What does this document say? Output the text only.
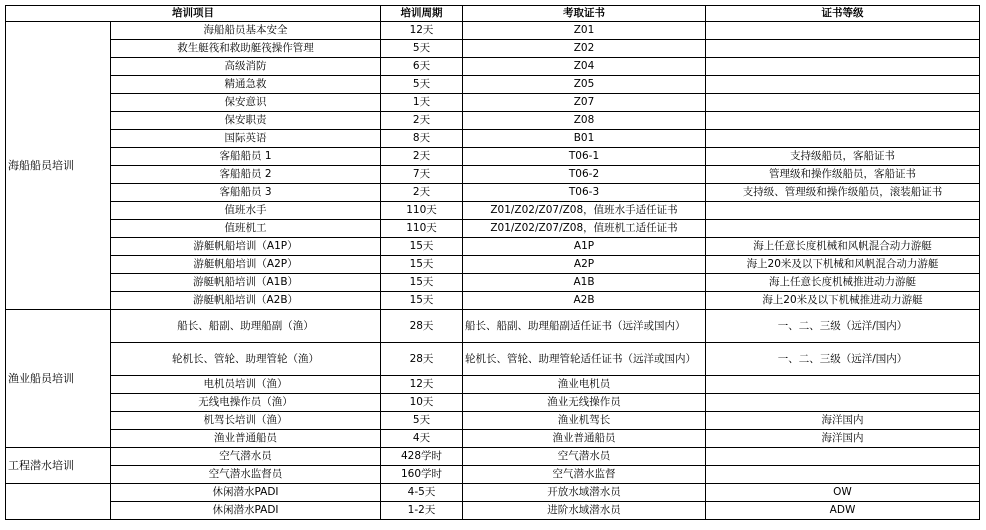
培训项目		培训周期	考取证书	证书等级
海船船员培训	海船船员基本安全	12天	Z01	
	救生艇筏和救助艇筏操作管理	5天	Z02	
	高级消防	6天	Z04	
	精通急救	5天	Z05	
	保安意识	1天	Z07	
	保安职责	2天	Z08	
	国际英语	8天	B01	
	客船船员 1	2天	T06-1	支持级船员，客船证书
	客船船员 2	7天	T06-2	管理级和操作级船员，客船证书
	客船船员 3	2天	T06-3	支持级、管理级和操作级船员，滚装船证书
	值班水手	110天	Z01/Z02/Z07/Z08，值班水手适任证书	
	值班机工	110天	Z01/Z02/Z07/Z08，值班机工适任证书	
	游艇帆船培训（A1P）	15天	A1P	海上任意长度机械和风帆混合动力游艇
	游艇帆船培训（A2P）	15天	A2P	海上20米及以下机械和风帆混合动力游艇
	游艇帆船培训（A1B）	15天	A1B	海上任意长度机械推进动力游艇
	游艇帆船培训（A2B）	15天	A2B	海上20米及以下机械推进动力游艇
渔业船员培训	船长、船副、助理船副（渔）	28天	船长、船副、助理船副适任证书（远洋或国内）	一、二、三级（远洋/国内）
	轮机长、管轮、助理管轮（渔）	28天	轮机长、管轮、助理管轮适任证书（远洋或国内）	一、二、三级（远洋/国内）
	电机员培训（渔）	12天	渔业电机员	
	无线电操作员（渔）	10天	渔业无线操作员	
	机驾长培训（渔）	5天	渔业机驾长	海洋国内
	渔业普通船员	4天	渔业普通船员	海洋国内
工程潜水培训	空气潜水员	428学时	空气潜水员	
	空气潜水监督员	160学时	空气潜水监督	
	休闲潜水PADI	4-5天	开放水域潜水员	OW
	休闲潜水PADI	1-2天	进阶水域潜水员	ADW
